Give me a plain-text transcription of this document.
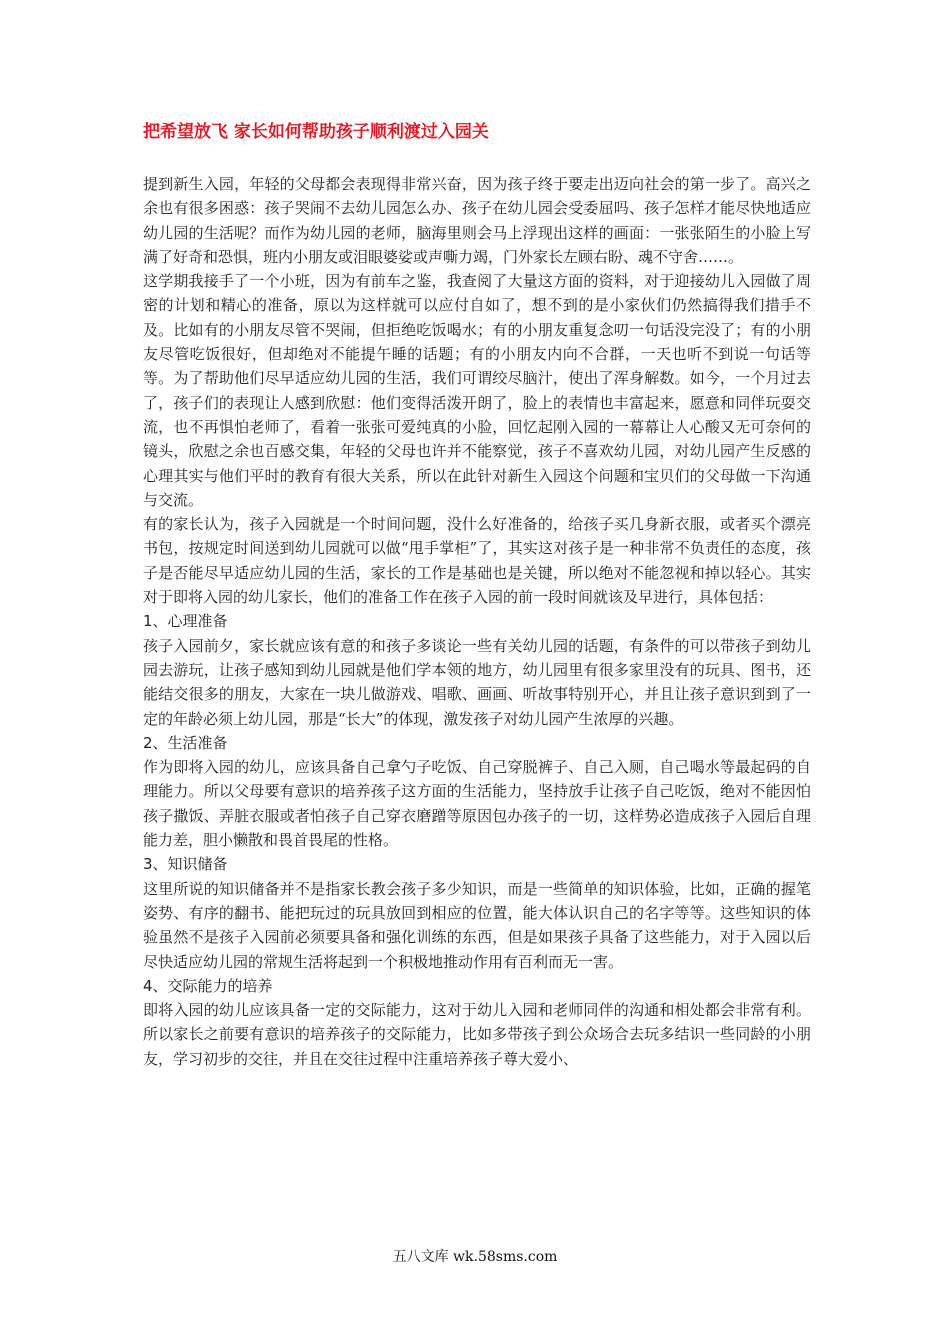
把希望放飞 家长如何帮助孩子顺利渡过入园关

提到新生入园，年轻的父母都会表现得非常兴奋，因为孩子终于要走出迈向社会的第一步了。高兴之余也有很多困惑：孩子哭闹不去幼儿园怎么办、孩子在幼儿园会受委屈吗、孩子怎样才能尽快地适应幼儿园的生活呢？而作为幼儿园的老师，脑海里则会马上浮现出这样的画面：一张张陌生的小脸上写满了好奇和恐惧，班内小朋友或泪眼婆娑或声嘶力竭，门外家长左顾右盼、魂不守舍……。

这学期我接手了一个小班，因为有前车之鉴，我查阅了大量这方面的资料，对于迎接幼儿入园做了周密的计划和精心的准备，原以为这样就可以应付自如了，想不到的是小家伙们仍然搞得我们措手不及。比如有的小朋友尽管不哭闹，但拒绝吃饭喝水；有的小朋友重复念叨一句话没完没了；有的小朋友尽管吃饭很好，但却绝对不能提午睡的话题；有的小朋友内向不合群，一天也听不到说一句话等等。为了帮助他们尽早适应幼儿园的生活，我们可谓绞尽脑汁，使出了浑身解数。如今，一个月过去了，孩子们的表现让人感到欣慰：他们变得活泼开朗了，脸上的表情也丰富起来，愿意和同伴玩耍交流，也不再惧怕老师了，看着一张张可爱纯真的小脸，回忆起刚入园的一幕幕让人心酸又无可奈何的镜头，欣慰之余也百感交集，年轻的父母也许并不能察觉，孩子不喜欢幼儿园，对幼儿园产生反感的心理其实与他们平时的教育有很大关系，所以在此针对新生入园这个问题和宝贝们的父母做一下沟通与交流。

有的家长认为，孩子入园就是一个时间问题，没什么好准备的，给孩子买几身新衣服，或者买个漂亮书包，按规定时间送到幼儿园就可以做“甩手掌柜”了，其实这对孩子是一种非常不负责任的态度，孩子是否能尽早适应幼儿园的生活，家长的工作是基础也是关键，所以绝对不能忽视和掉以轻心。其实对于即将入园的幼儿家长，他们的准备工作在孩子入园的前一段时间就该及早进行，具体包括：

1、心理准备

孩子入园前夕，家长就应该有意的和孩子多谈论一些有关幼儿园的话题，有条件的可以带孩子到幼儿园去游玩，让孩子感知到幼儿园就是他们学本领的地方，幼儿园里有很多家里没有的玩具、图书，还能结交很多的朋友，大家在一块儿做游戏、唱歌、画画、听故事特别开心，并且让孩子意识到到了一定的年龄必须上幼儿园，那是“长大”的体现，激发孩子对幼儿园产生浓厚的兴趣。

2、生活准备

作为即将入园的幼儿，应该具备自己拿勺子吃饭、自己穿脱裤子、自己入厕，自己喝水等最起码的自理能力。所以父母要有意识的培养孩子这方面的生活能力，坚持放手让孩子自己吃饭，绝对不能因怕孩子撒饭、弄脏衣服或者怕孩子自己穿衣磨蹭等原因包办孩子的一切，这样势必造成孩子入园后自理能力差，胆小懒散和畏首畏尾的性格。

3、知识储备

这里所说的知识储备并不是指家长教会孩子多少知识，而是一些简单的知识体验，比如，正确的握笔姿势、有序的翻书、能把玩过的玩具放回到相应的位置，能大体认识自己的名字等等。这些知识的体验虽然不是孩子入园前必须要具备和强化训练的东西，但是如果孩子具备了这些能力，对于入园以后尽快适应幼儿园的常规生活将起到一个积极地推动作用有百利而无一害。

4、交际能力的培养

即将入园的幼儿应该具备一定的交际能力，这对于幼儿入园和老师同伴的沟通和相处都会非常有利。所以家长之前要有意识的培养孩子的交际能力，比如多带孩子到公众场合去玩多结识一些同龄的小朋友，学习初步的交往，并且在交往过程中注重培养孩子尊大爱小、

五八文库 wk.58sms.com
